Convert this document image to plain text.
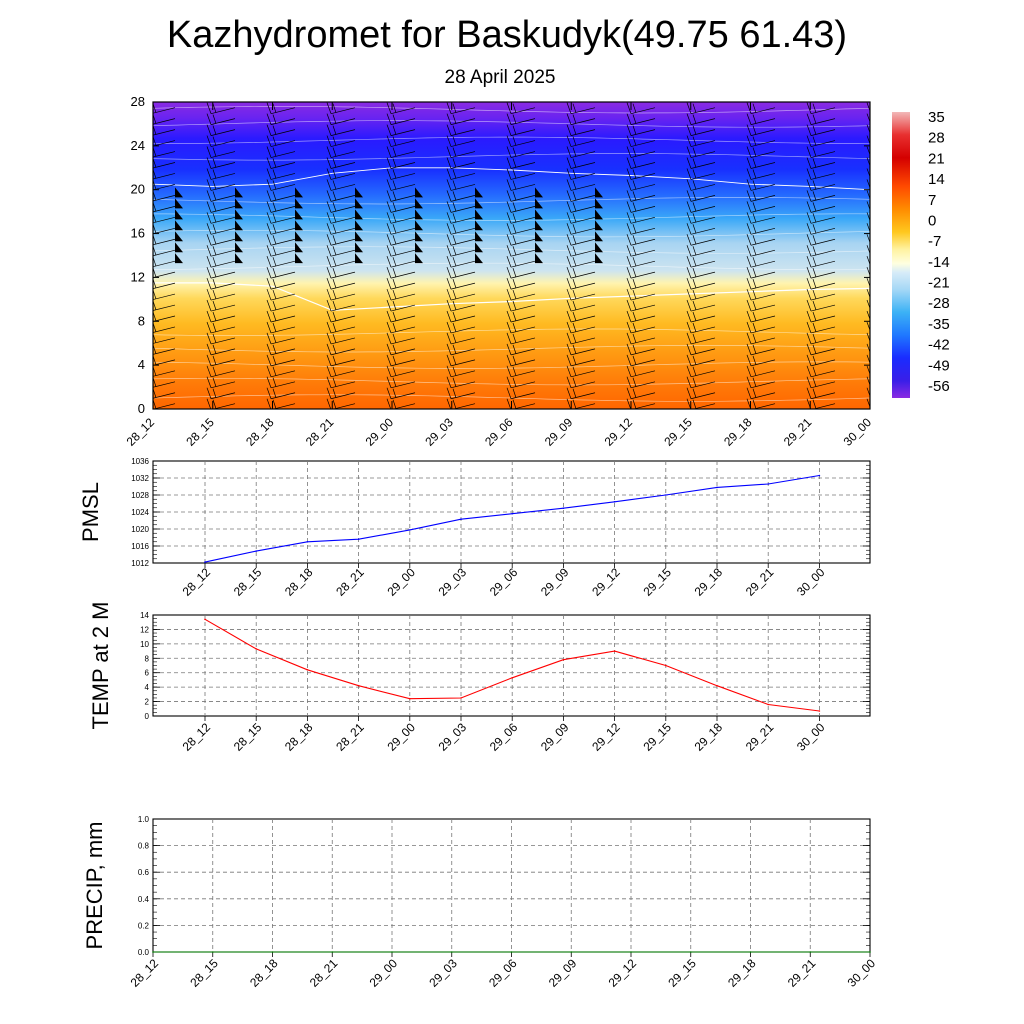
Kazhydromet for Baskudyk(49.75 61.43)
28 April 2025
0
4
8
12
16
20
24
28
28_12 28_15 28_18 28_21 29_00 29_03 29_06 29_09 29_12 29_15 29_18 29_21 30_00
35
28
21
14
7
0
-7
-14
-21
-28
-35
-42
-49
-56
1012
1016
1020
1024
1028
1032
1036
28_12 28_15 28_18 28_21 29_00 29_03 29_06 29_09 29_12 29_15 29_18 29_21 30_00
PMSL
0
2
4
6
8
10
12
14
28_12 28_15 28_18 28_21 29_00 29_03 29_06 29_09 29_12 29_15 29_18 29_21 30_00
TEMP at 2 M
0.0
0.2
0.4
0.6
0.8
1.0
28_12 28_15 28_18 28_21 29_00 29_03 29_06 29_09 29_12 29_15 29_18 29_21 30_00
PRECIP, mm
